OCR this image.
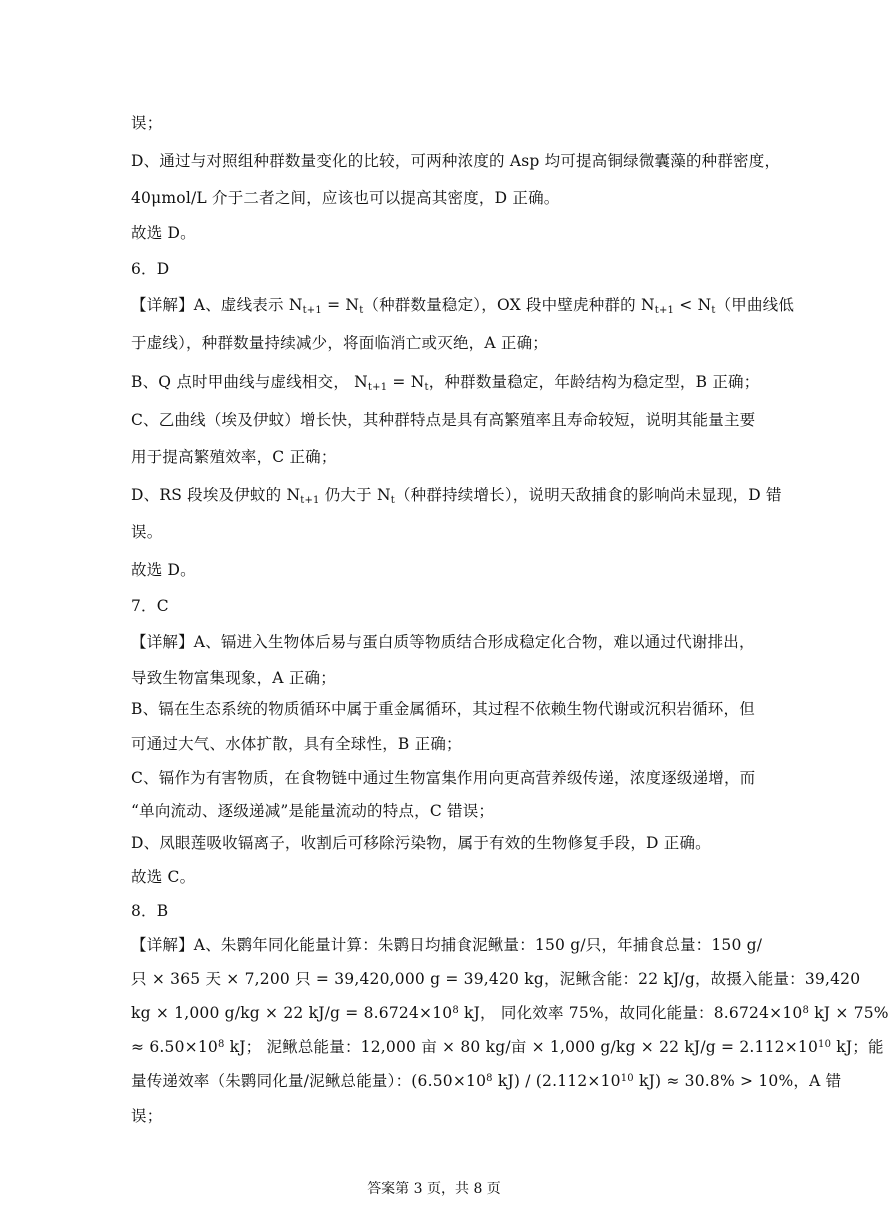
误；
D、通过与对照组种群数量变化的比较，可两种浓度的 Asp 均可提高铜绿微囊藻的种群密度，
40μmol/L 介于二者之间，应该也可以提高其密度，D 正确。
故选 D。
6．D
【详解】A、虚线表示 $N_{t+1} = N_t$（种群数量稳定），OX 段中壁虎种群的 $N_{t+1} < N_t$（甲曲线低
于虚线），种群数量持续减少，将面临消亡或灭绝，A 正确；
B、Q 点时甲曲线与虚线相交， $N_{t+1} = N_t$，种群数量稳定，年龄结构为稳定型，B 正确；
C、乙曲线（埃及伊蚊）增长快，其种群特点是具有高繁殖率且寿命较短，说明其能量主要
用于提高繁殖效率，C 正确；
D、RS 段埃及伊蚊的 $N_{t+1}$ 仍大于 $N_t$（种群持续增长），说明天敌捕食的影响尚未显现，D 错
误。
故选 D。
7．C
【详解】A、镉进入生物体后易与蛋白质等物质结合形成稳定化合物，难以通过代谢排出，
导致生物富集现象，A 正确；
B、镉在生态系统的物质循环中属于重金属循环，其过程不依赖生物代谢或沉积岩循环，但
可通过大气、水体扩散，具有全球性，B 正确；
C、镉作为有害物质，在食物链中通过生物富集作用向更高营养级传递，浓度逐级递增，而
“单向流动、逐级递减”是能量流动的特点，C 错误；
D、凤眼莲吸收镉离子，收割后可移除污染物，属于有效的生物修复手段，D 正确。
故选 C。
8．B
【详解】A、朱鹮年同化能量计算：朱鹮日均捕食泥鳅量：150 g/只，年捕食总量：150 g/
只 × 365 天 × 7,200 只 = 39,420,000 g = 39,420 kg，泥鳅含能：22 kJ/g，故摄入能量：39,420
kg × 1,000 g/kg × 22 $kJ/g = 8.6724\times 10^8$ kJ， 同化效率 75%，故同化能量：$8.6724\times 10^8$ kJ × 75%
≈ $6.50\times 10^8$ kJ； 泥鳅总能量：12,000 亩 × 80 kg/亩 × 1,000 g/kg × 22 $kJ/g = 2.112\times 10^{10}$ kJ；能
量传递效率（朱鹮同化量/泥鳅总能量）：($6.50\times 10^8$ $kJ) / (2.112\times 10^{10}$ kJ) ≈ 30.8% > 10%，A 错
误；
答案第 3 页，共 8 页
